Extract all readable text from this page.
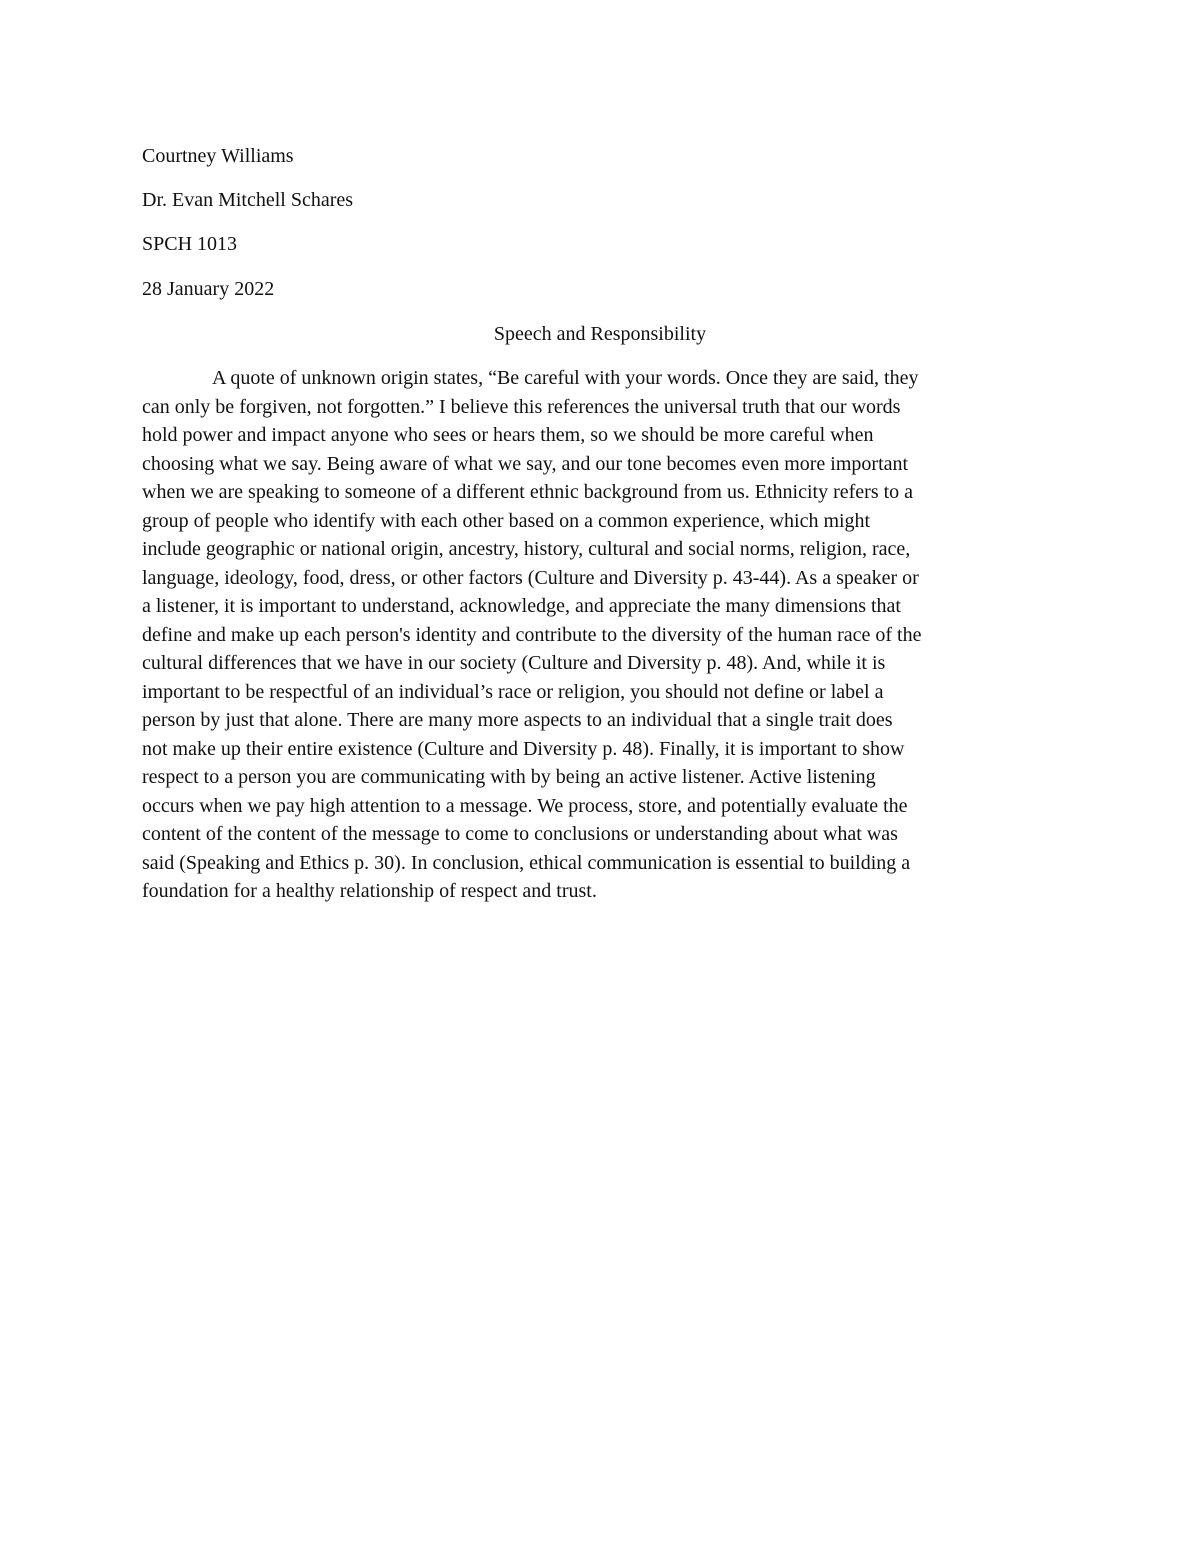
Courtney Williams
Dr. Evan Mitchell Schares
SPCH 1013
28 January 2022
Speech and Responsibility
A quote of unknown origin states, “Be careful with your words. Once they are said, they
can only be forgiven, not forgotten.” I believe this references the universal truth that our words
hold power and impact anyone who sees or hears them, so we should be more careful when
choosing what we say. Being aware of what we say, and our tone becomes even more important
when we are speaking to someone of a different ethnic background from us. Ethnicity refers to a
group of people who identify with each other based on a common experience, which might
include geographic or national origin, ancestry, history, cultural and social norms, religion, race,
language, ideology, food, dress, or other factors (Culture and Diversity p. 43-44). As a speaker or
a listener, it is important to understand, acknowledge, and appreciate the many dimensions that
define and make up each person's identity and contribute to the diversity of the human race of the
cultural differences that we have in our society (Culture and Diversity p. 48). And, while it is
important to be respectful of an individual’s race or religion, you should not define or label a
person by just that alone. There are many more aspects to an individual that a single trait does
not make up their entire existence (Culture and Diversity p. 48). Finally, it is important to show
respect to a person you are communicating with by being an active listener. Active listening
occurs when we pay high attention to a message. We process, store, and potentially evaluate the
content of the content of the message to come to conclusions or understanding about what was
said (Speaking and Ethics p. 30). In conclusion, ethical communication is essential to building a
foundation for a healthy relationship of respect and trust.
